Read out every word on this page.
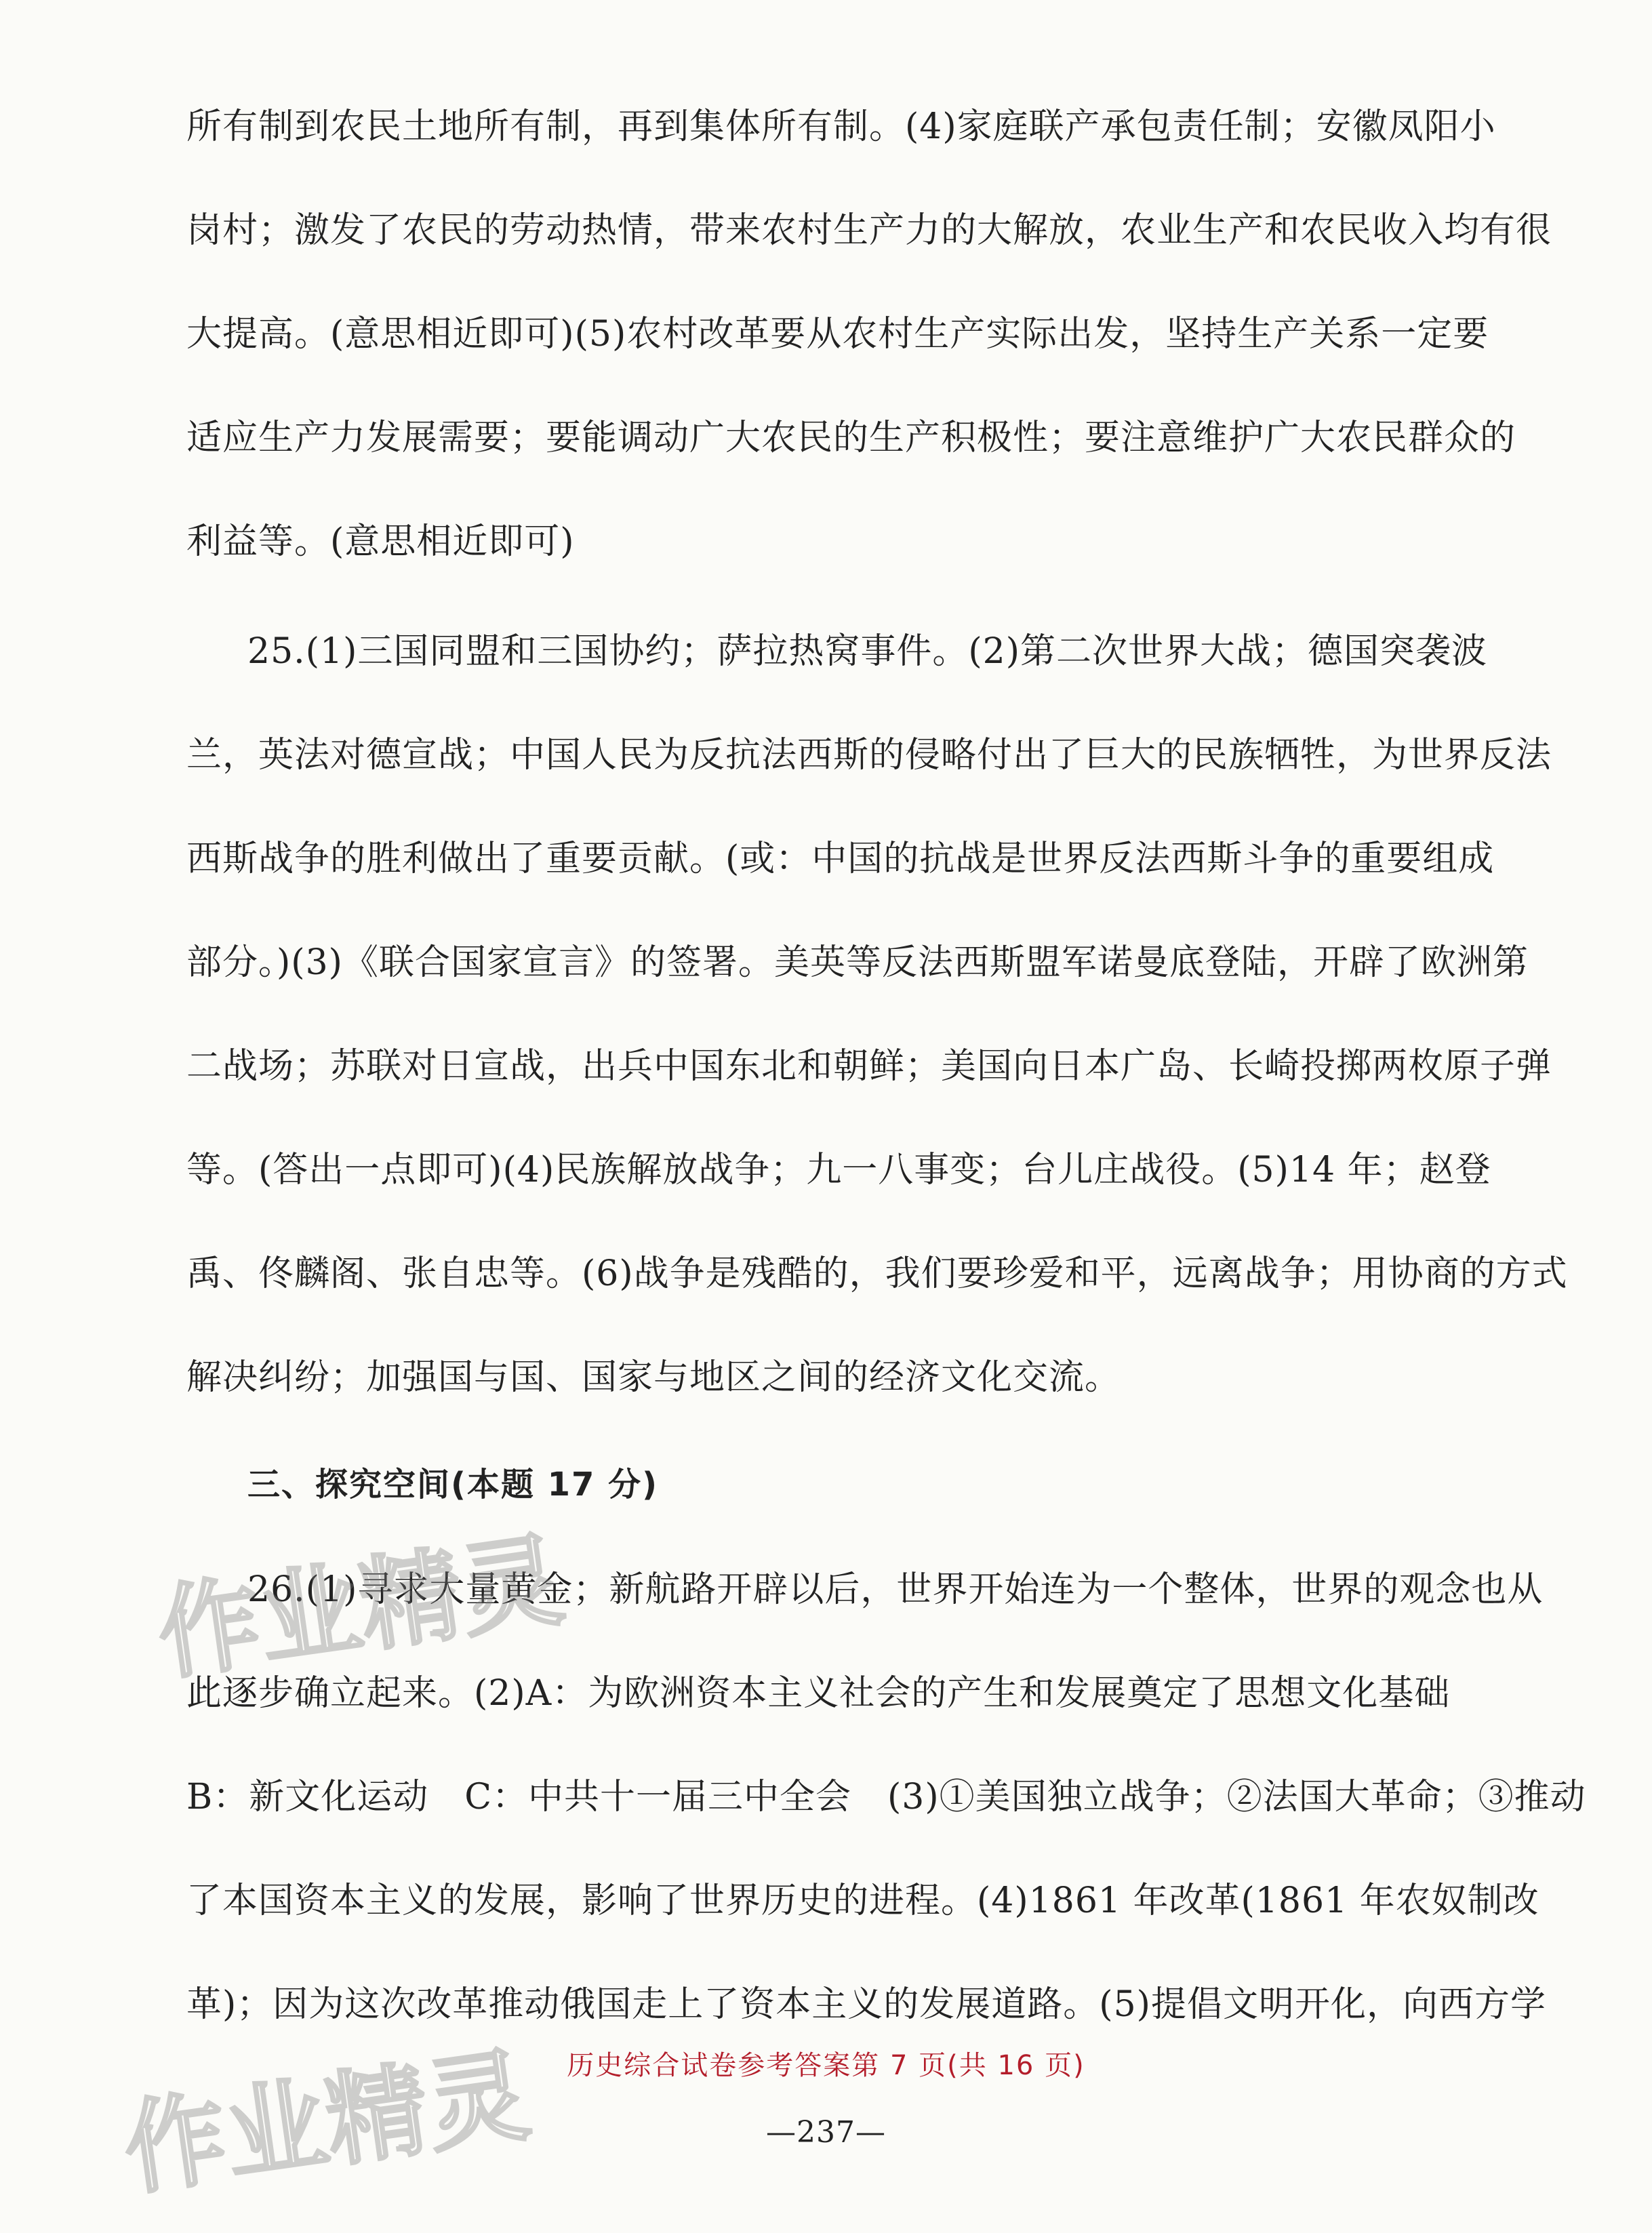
所有制到农民土地所有制，再到集体所有制。(4)家庭联产承包责任制；安徽凤阳小
岗村；激发了农民的劳动热情，带来农村生产力的大解放，农业生产和农民收入均有很
大提高。(意思相近即可)(5)农村改革要从农村生产实际出发，坚持生产关系一定要
适应生产力发展需要；要能调动广大农民的生产积极性；要注意维护广大农民群众的
利益等。(意思相近即可)
25.(1)三国同盟和三国协约；萨拉热窝事件。(2)第二次世界大战；德国突袭波
兰，英法对德宣战；中国人民为反抗法西斯的侵略付出了巨大的民族牺牲，为世界反法
西斯战争的胜利做出了重要贡献。(或：中国的抗战是世界反法西斯斗争的重要组成
部分。)(3)《联合国家宣言》的签署。美英等反法西斯盟军诺曼底登陆，开辟了欧洲第
二战场；苏联对日宣战，出兵中国东北和朝鲜；美国向日本广岛、长崎投掷两枚原子弹
等。(答出一点即可)(4)民族解放战争；九一八事变；台儿庄战役。(5)14 年；赵登
禹、佟麟阁、张自忠等。(6)战争是残酷的，我们要珍爱和平，远离战争；用协商的方式
解决纠纷；加强国与国、国家与地区之间的经济文化交流。
三、探究空间(本题 17 分)
26.(1)寻求大量黄金；新航路开辟以后，世界开始连为一个整体，世界的观念也从
此逐步确立起来。(2)A：为欧洲资本主义社会的产生和发展奠定了思想文化基础
B：新文化运动　C：中共十一届三中全会　(3)①美国独立战争；②法国大革命；③推动
了本国资本主义的发展，影响了世界历史的进程。(4)1861 年改革(1861 年农奴制改
革)；因为这次改革推动俄国走上了资本主义的发展道路。(5)提倡文明开化，向西方学
历史综合试卷参考答案第 7 页(共 16 页)
—237—
作业精灵
作业精灵
